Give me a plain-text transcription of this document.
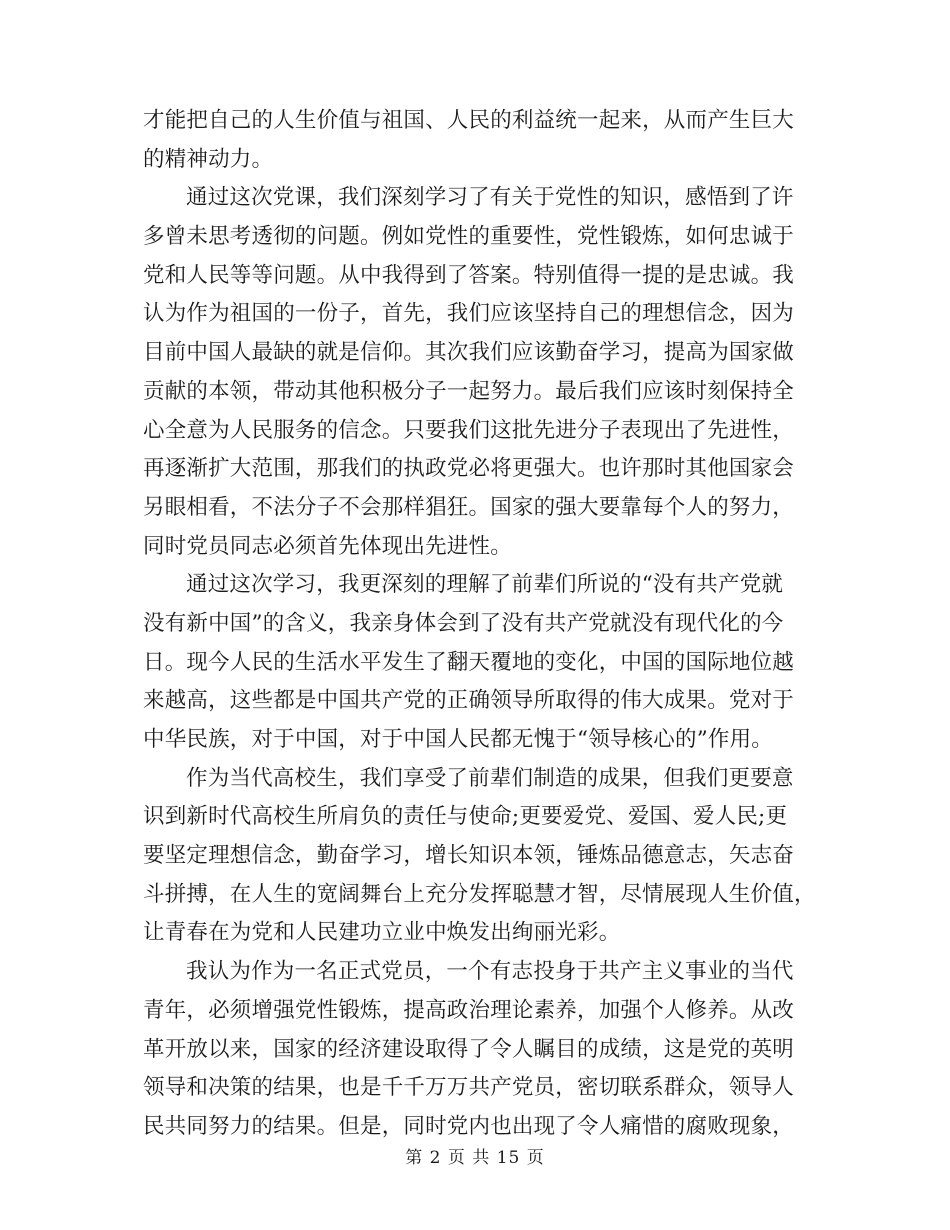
才能把自己的人生价值与祖国、人民的利益统一起来，从而产生巨大
的精神动力。
通过这次党课，我们深刻学习了有关于党性的知识，感悟到了许
多曾未思考透彻的问题。例如党性的重要性，党性锻炼，如何忠诚于
党和人民等等问题。从中我得到了答案。特别值得一提的是忠诚。我
认为作为祖国的一份子，首先，我们应该坚持自己的理想信念，因为
目前中国人最缺的就是信仰。其次我们应该勤奋学习，提高为国家做
贡献的本领，带动其他积极分子一起努力。最后我们应该时刻保持全
心全意为人民服务的信念。只要我们这批先进分子表现出了先进性，
再逐渐扩大范围，那我们的执政党必将更强大。也许那时其他国家会
另眼相看，不法分子不会那样猖狂。国家的强大要靠每个人的努力，
同时党员同志必须首先体现出先进性。
通过这次学习，我更深刻的理解了前辈们所说的“没有共产党就
没有新中国”的含义，我亲身体会到了没有共产党就没有现代化的今
日。现今人民的生活水平发生了翻天覆地的变化，中国的国际地位越
来越高，这些都是中国共产党的正确领导所取得的伟大成果。党对于
中华民族，对于中国，对于中国人民都无愧于“领导核心的”作用。
作为当代高校生，我们享受了前辈们制造的成果，但我们更要意
识到新时代高校生所肩负的责任与使命;更要爱党、爱国、爱人民;更
要坚定理想信念，勤奋学习，增长知识本领，锤炼品德意志，矢志奋
斗拼搏，在人生的宽阔舞台上充分发挥聪慧才智，尽情展现人生价值，
让青春在为党和人民建功立业中焕发出绚丽光彩。
我认为作为一名正式党员，一个有志投身于共产主义事业的当代
青年，必须增强党性锻炼，提高政治理论素养，加强个人修养。从改
革开放以来，国家的经济建设取得了令人瞩目的成绩，这是党的英明
领导和决策的结果，也是千千万万共产党员，密切联系群众，领导人
民共同努力的结果。但是，同时党内也出现了令人痛惜的腐败现象，
第 2 页 共 15 页
